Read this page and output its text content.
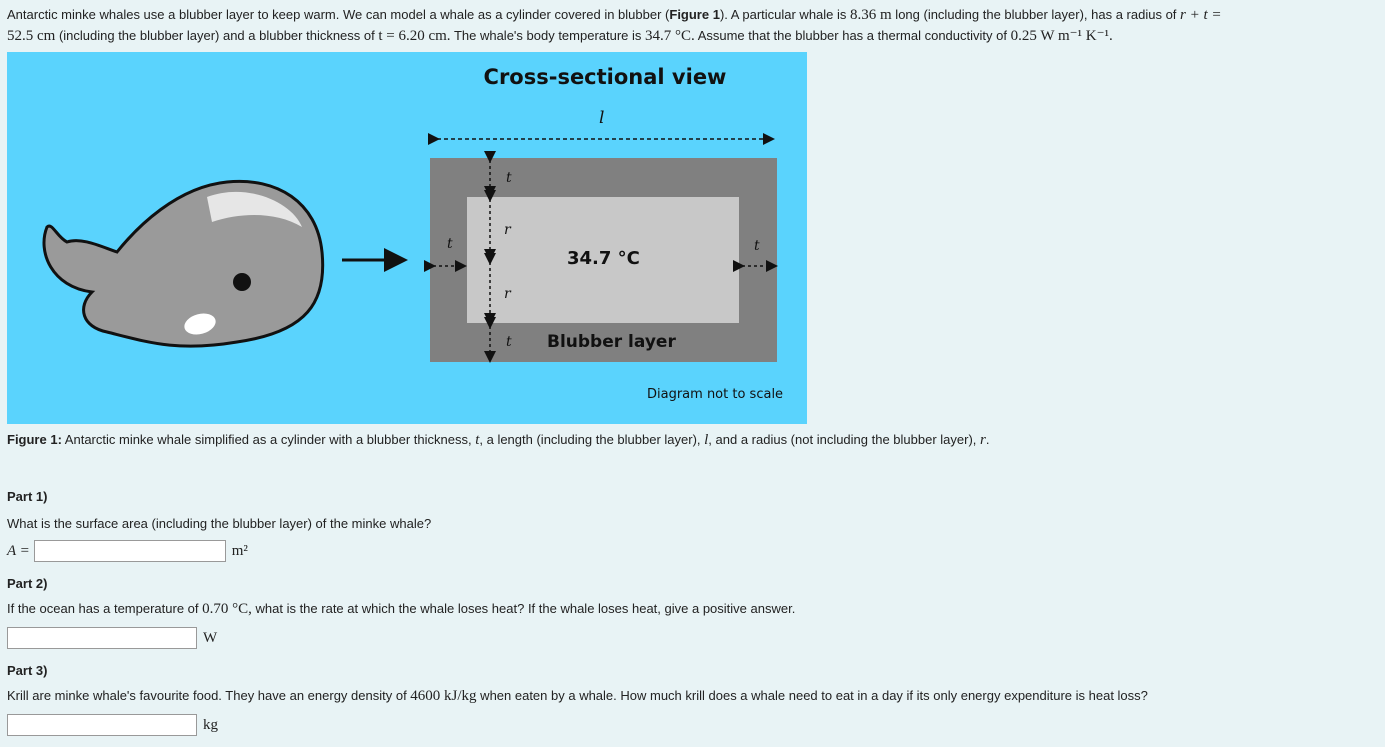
Antarctic minke whales use a blubber layer to keep warm. We can model a whale as a cylinder covered in blubber (Figure 1). A particular whale is 8.36 m long (including the blubber layer), has a radius of r + t =
52.5 cm (including the blubber layer) and a blubber thickness of t = 6.20 cm. The whale's body temperature is 34.7 °C. Assume that the blubber has a thermal conductivity of 0.25 W m⁻¹ K⁻¹.
Cross-sectional view
l
t
r
r
t
t	t
34.7 °C
Blubber layer
Diagram not to scale
Figure 1: Antarctic minke whale simplified as a cylinder with a blubber thickness, t, a length (including the blubber layer), l, and a radius (not including the blubber layer), r.
Part 1)
What is the surface area (including the blubber layer) of the minke whale?
A =	m²
Part 2)
If the ocean has a temperature of 0.70 °C, what is the rate at which the whale loses heat? If the whale loses heat, give a positive answer.
W
Part 3)
Krill are minke whale's favourite food. They have an energy density of 4600 kJ/kg when eaten by a whale. How much krill does a whale need to eat in a day if its only energy expenditure is heat loss?
kg
